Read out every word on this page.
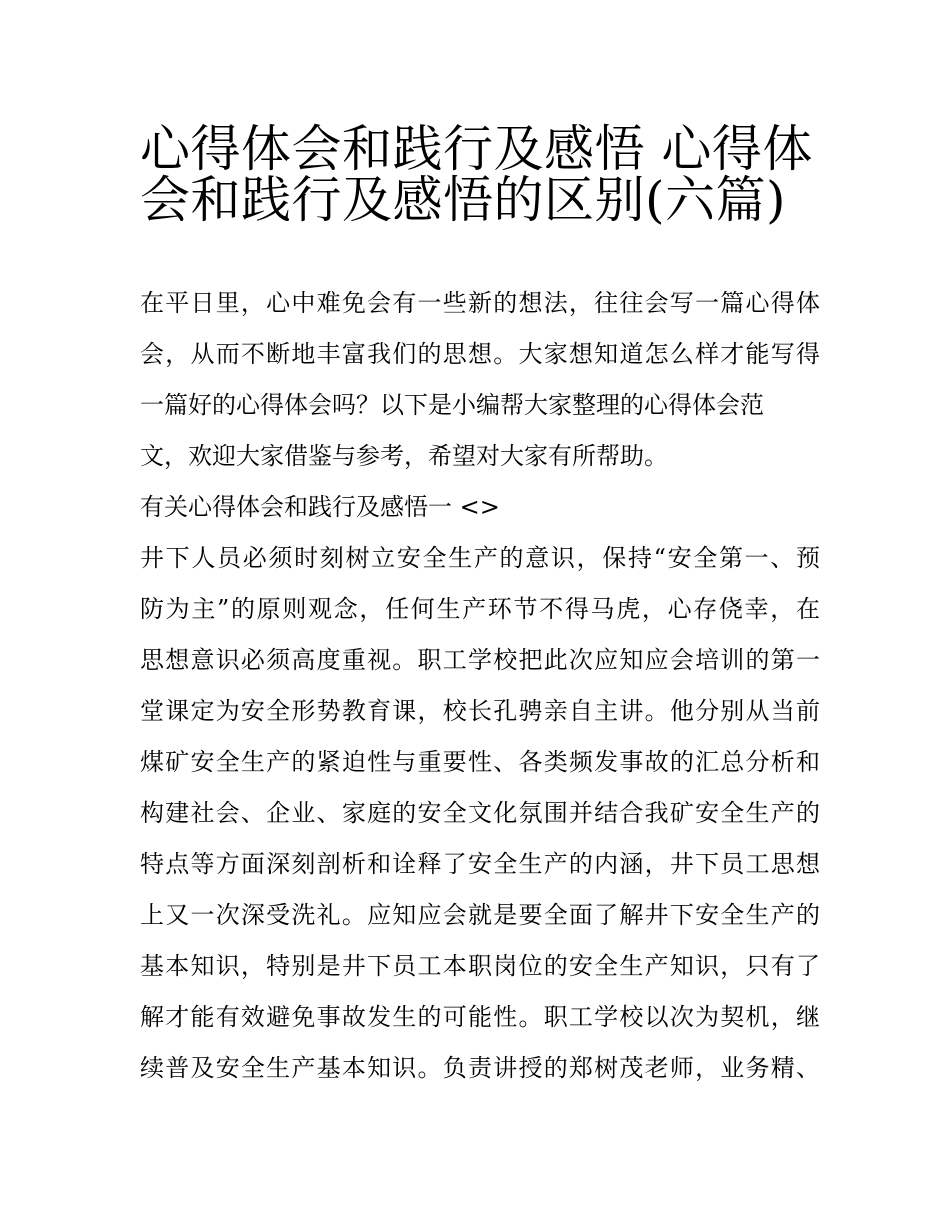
心得体会和践行及感悟 心得体
会和践行及感悟的区别(六篇)

在平日里，心中难免会有一些新的想法，往往会写一篇心得体
会，从而不断地丰富我们的思想。大家想知道怎么样才能写得
一篇好的心得体会吗？以下是小编帮大家整理的心得体会范
文，欢迎大家借鉴与参考，希望对大家有所帮助。

有关心得体会和践行及感悟一 <>

井下人员必须时刻树立安全生产的意识，保持“安全第一、预
防为主”的原则观念，任何生产环节不得马虎，心存侥幸，在
思想意识必须高度重视。职工学校把此次应知应会培训的第一
堂课定为安全形势教育课，校长孔骋亲自主讲。他分别从当前
煤矿安全生产的紧迫性与重要性、各类频发事故的汇总分析和
构建社会、企业、家庭的安全文化氛围并结合我矿安全生产的
特点等方面深刻剖析和诠释了安全生产的内涵，井下员工思想
上又一次深受洗礼。应知应会就是要全面了解井下安全生产的
基本知识，特别是井下员工本职岗位的安全生产知识，只有了
解才能有效避免事故发生的可能性。职工学校以次为契机，继
续普及安全生产基本知识。负责讲授的郑树茂老师，业务精、
